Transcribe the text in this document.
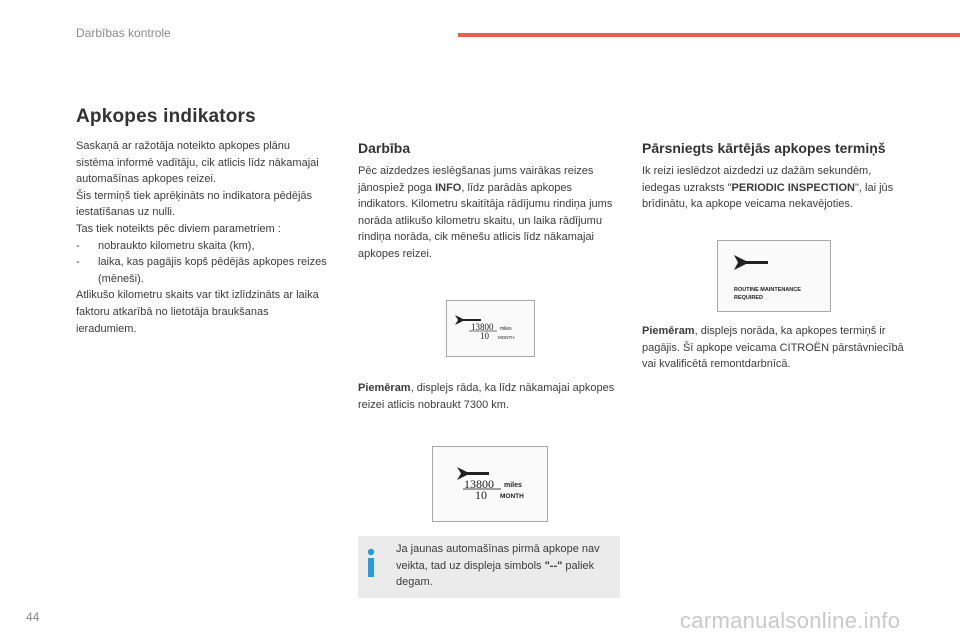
Darbības kontrole
Apkopes indikators

Saskaņā ar ražotāja noteikto apkopes plānu sistēma informē vadītāju, cik atlicis līdz nākamajai automašīnas apkopes reizei.

Šis termiņš tiek aprēķināts no indikatora pēdējās iestatīšanas uz nulli.

Tas tiek noteikts pēc diviem parametriem :

-	nobraukto kilometru skaita (km),
-	laika, kas pagājis kopš pēdējās apkopes reizes (mēneši).

Atlikušo kilometru skaits var tikt izlīdzināts ar laika faktoru atkarībā no lietotāja braukšanas ieradumiem.

Darbība

Pēc aizdedzes ieslēgšanas jums vairākas reizes jānospiež poga INFO, līdz parādās apkopes indikators. Kilometru skaitītāja rādījumu rindiņa jums norāda atlikušo kilometru skaitu, un laika rādījumu rindiņa norāda, cik mēnešu atlicis līdz nākamajai apkopes reizei.

13800 miles
10 MONTH

Piemēram, displejs rāda, ka līdz nākamajai apkopes reizei atlicis nobraukt 7300 km.

13800 miles
10 MONTH
Ja jaunas automašīnas pirmā apkope nav veikta, tad uz displeja simbols "--" paliek degam.
Pārsniegts kārtējās apkopes termiņš

Ik reizi ieslēdzot aizdedzi uz dažām sekundēm, iedegas uzraksts "PERIODIC INSPECTION", lai jūs brīdinātu, ka apkope veicama nekavējoties.

ROUTINE MAINTENANCE
REQUIRED

Piemēram, displejs norāda, ka apkopes termiņš ir pagājis. Šī apkope veicama CITROËN pārstāvniecībā vai kvalificētā remontdarbnīcā.

44	carmanualsonline.info
